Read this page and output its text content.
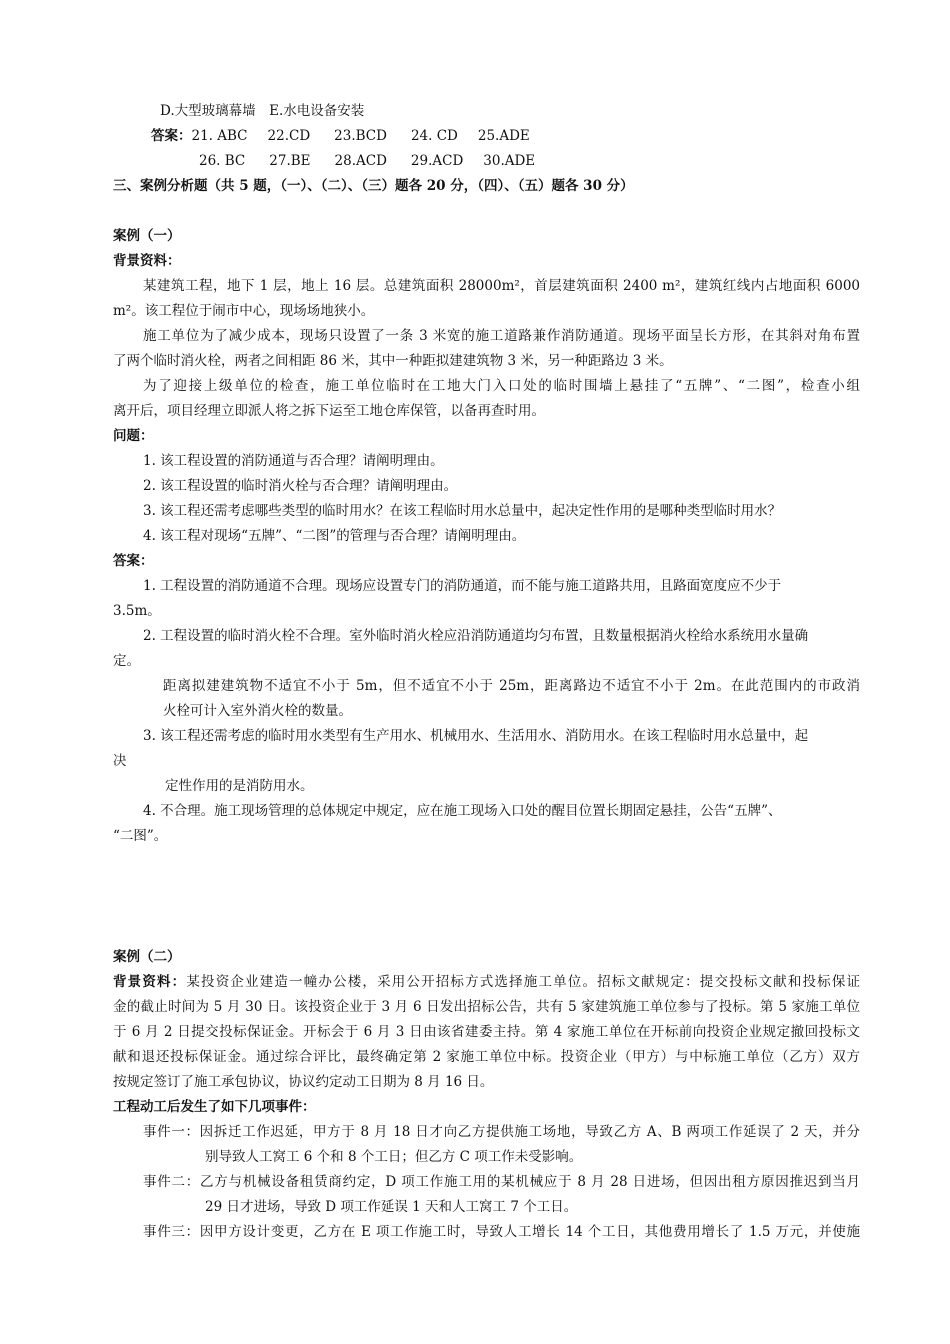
D.大型玻璃幕墙　E.水电设备安装
答案：21. ABC 22.CD 23.BCD 24. CD 25.ADE
26. BC 27.BE 28.ACD 29.ACD 30.ADE
三、案例分析题（共 5 题，（一）、（二）、（三）题各 20 分，（四）、（五）题各 30 分）
案例（一）
背景资料：
某建筑工程，地下 1 层，地上 16 层。总建筑面积 28000m²，首层建筑面积 2400 m²，建筑红线内占地面积 6000
m²。该工程位于闹市中心，现场场地狭小。
施工单位为了减少成本，现场只设置了一条 3 米宽的施工道路兼作消防通道。现场平面呈长方形，在其斜对角布置
了两个临时消火栓，两者之间相距 86 米，其中一种距拟建建筑物 3 米，另一种距路边 3 米。
为了迎接上级单位的检查，施工单位临时在工地大门入口处的临时围墙上悬挂了“五牌”、“二图”，检查小组
离开后，项目经理立即派人将之拆下运至工地仓库保管，以备再查时用。
问题：
1. 该工程设置的消防通道与否合理？请阐明理由。
2. 该工程设置的临时消火栓与否合理？请阐明理由。
3. 该工程还需考虑哪些类型的临时用水？在该工程临时用水总量中，起决定性作用的是哪种类型临时用水？
4. 该工程对现场“五牌”、“二图”的管理与否合理？请阐明理由。
答案：
1. 工程设置的消防通道不合理。现场应设置专门的消防通道，而不能与施工道路共用，且路面宽度应不少于
3.5m。
2. 工程设置的临时消火栓不合理。室外临时消火栓应沿消防通道均匀布置，且数量根据消火栓给水系统用水量确
定。
距离拟建建筑物不适宜不小于 5m，但不适宜不小于 25m，距离路边不适宜不小于 2m。在此范围内的市政消
火栓可计入室外消火栓的数量。
3. 该工程还需考虑的临时用水类型有生产用水、机械用水、生活用水、消防用水。在该工程临时用水总量中，起
决
定性作用的是消防用水。
4. 不合理。施工现场管理的总体规定中规定，应在施工现场入口处的醒目位置长期固定悬挂，公告“五牌”、
“二图”。
案例（二）
背景资料：某投资企业建造一幢办公楼，采用公开招标方式选择施工单位。招标文献规定：提交投标文献和投标保证
金的截止时间为 5 月 30 日。该投资企业于 3 月 6 日发出招标公告，共有 5 家建筑施工单位参与了投标。第 5 家施工单位
于 6 月 2 日提交投标保证金。开标会于 6 月 3 日由该省建委主持。第 4 家施工单位在开标前向投资企业规定撤回投标文
献和退还投标保证金。通过综合评比，最终确定第 2 家施工单位中标。投资企业（甲方）与中标施工单位（乙方）双方
按规定签订了施工承包协议，协议约定动工日期为 8 月 16 日。
工程动工后发生了如下几项事件：
事件一：因拆迁工作迟延，甲方于 8 月 18 日才向乙方提供施工场地，导致乙方 A、B 两项工作延误了 2 天，并分
别导致人工窝工 6 个和 8 个工日；但乙方 C 项工作未受影响。
事件二：乙方与机械设备租赁商约定，D 项工作施工用的某机械应于 8 月 28 日进场，但因出租方原因推迟到当月
29 日才进场，导致 D 项工作延误 1 天和人工窝工 7 个工日。
事件三：因甲方设计变更，乙方在 E 项工作施工时，导致人工增长 14 个工日，其他费用增长了 1.5 万元，并使施
